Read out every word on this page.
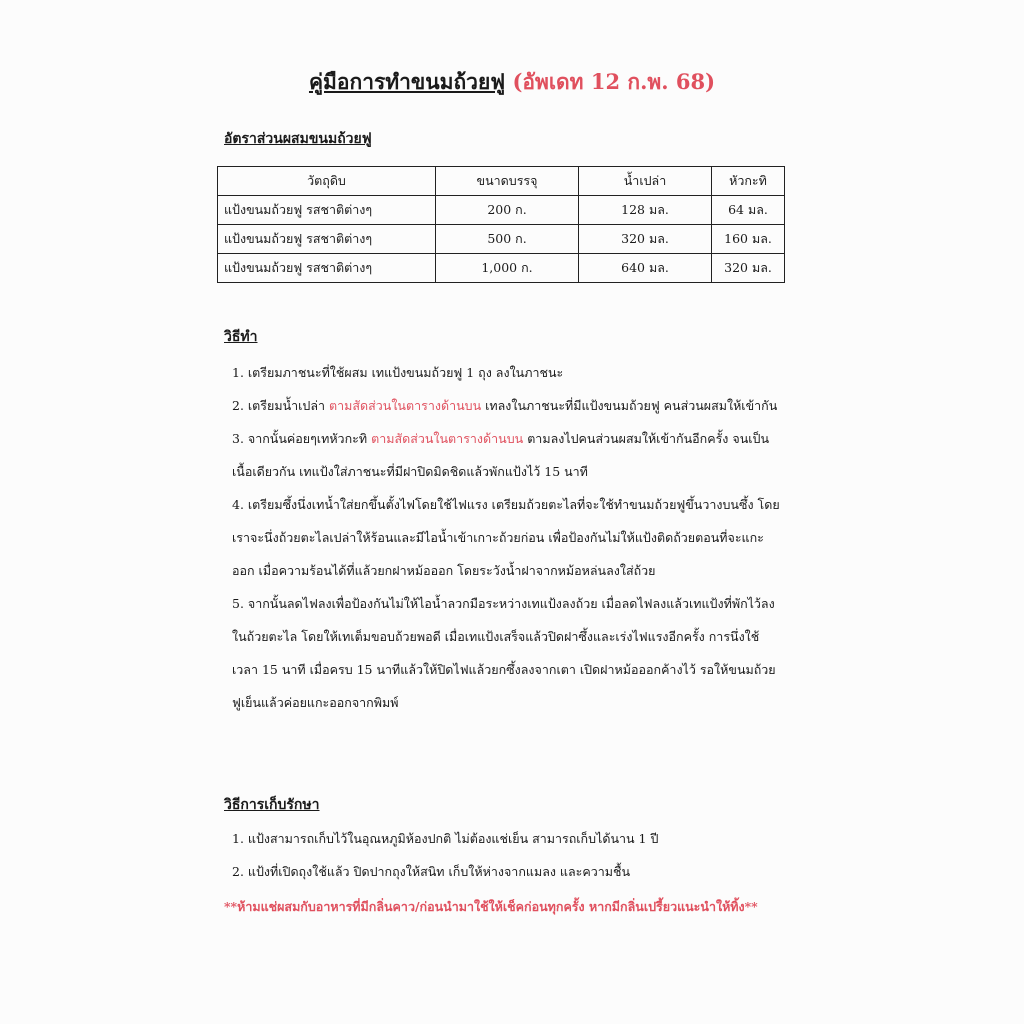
คู่มือการทำขนมถ้วยฟู (อัพเดท 12 ก.พ. 68)
อัตราส่วนผสมขนมถ้วยฟู
วัตถุดิบ	ขนาดบรรจุ	น้ำเปล่า	หัวกะทิ
แป้งขนมถ้วยฟู รสชาติต่างๆ	200 ก.	128 มล.	64 มล.
แป้งขนมถ้วยฟู รสชาติต่างๆ	500 ก.	320 มล.	160 มล.
แป้งขนมถ้วยฟู รสชาติต่างๆ	1,000 ก.	640 มล.	320 มล.
วิธีทำ

1. เตรียมภาชนะที่ใช้ผสม เทแป้งขนมถ้วยฟู 1 ถุง ลงในภาชนะ

2. เตรียมน้ำเปล่า ตามสัดส่วนในตารางด้านบน เทลงในภาชนะที่มีแป้งขนมถ้วยฟู คนส่วนผสมให้เข้ากัน

3. จากนั้นค่อยๆเทหัวกะทิ ตามสัดส่วนในตารางด้านบน ตามลงไปคนส่วนผสมให้เข้ากันอีกครั้ง จนเป็นเนื้อเดียวกัน เทแป้งใส่ภาชนะที่มีฝาปิดมิดชิดแล้วพักแป้งไว้ 15 นาที

4. เตรียมซึ้งนึ่งเทน้ำใส่ยกขึ้นตั้งไฟโดยใช้ไฟแรง เตรียมถ้วยตะไลที่จะใช้ทำขนมถ้วยฟูขึ้นวางบนซึ้ง โดยเราจะนึ่งถ้วยตะไลเปล่าให้ร้อนและมีไอน้ำเข้าเกาะถ้วยก่อน เพื่อป้องกันไม่ให้แป้งติดถ้วยตอนที่จะแกะออก เมื่อความร้อนได้ที่แล้วยกฝาหม้อออก โดยระวังน้ำฝาจากหม้อหล่นลงใส่ถ้วย

5. จากนั้นลดไฟลงเพื่อป้องกันไม่ให้ไอน้ำลวกมือระหว่างเทแป้งลงถ้วย เมื่อลดไฟลงแล้วเทแป้งที่พักไว้ลงในถ้วยตะไล โดยให้เทเต็มขอบถ้วยพอดี เมื่อเทแป้งเสร็จแล้วปิดฝาซึ้งและเร่งไฟแรงอีกครั้ง การนึ่งใช้เวลา 15 นาที เมื่อครบ 15 นาทีแล้วให้ปิดไฟแล้วยกซึ้งลงจากเตา เปิดฝาหม้อออกค้างไว้ รอให้ขนมถ้วยฟูเย็นแล้วค่อยแกะออกจากพิมพ์

วิธีการเก็บรักษา

1. แป้งสามารถเก็บไว้ในอุณหภูมิห้องปกติ ไม่ต้องแช่เย็น สามารถเก็บได้นาน 1 ปี

2. แป้งที่เปิดถุงใช้แล้ว ปิดปากถุงให้สนิท เก็บให้ห่างจากแมลง และความชื้น

**ห้ามแช่ผสมกับอาหารที่มีกลิ่นคาว/ก่อนนำมาใช้ให้เช็คก่อนทุกครั้ง หากมีกลิ่นเปรี้ยวแนะนำให้ทิ้ง**
